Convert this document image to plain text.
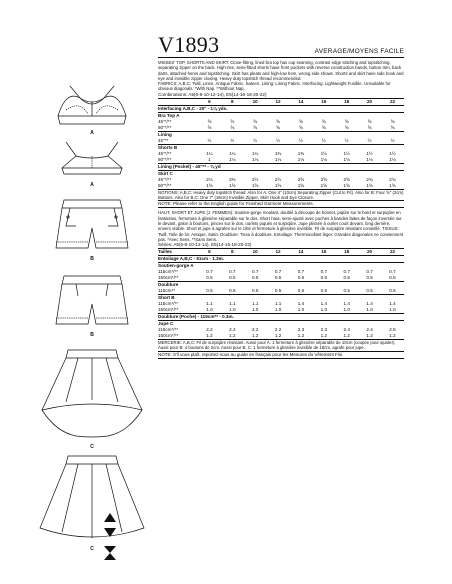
A
A
B
B
C
C
V1893	AVERAGE/MOYENS FACILE

MISSES' TOP, SHORTS AND SKIRT: Close-fitting, lined bra top has cup seaming, contrast edge stitching and topstitching, separating zipper on the back. High-rise, semi-fitted shorts have front pockets with reverse construction bands, button trim, back darts, attached hems and topstitching. Skirt has pleats and high-low hem, wrong side shows. Shorts and skirt have side hook and eye and invisible zipper closing. Heavy duty topstitch thread recommended.

FABRICS: A,B,C: Twill, Linen, Antique Fabric, Sateen. Lining: Lining Fabric. Interfacing: Lightweight Fusible. Unsuitable for obvious diagonals. *With Nap. **Without Nap.

Combinations: A5(6-8-10-12-14), E5(14-16-18-20-22)
	6	8	10	12	14	16	18	20	22
Interfacing A,B,C - 20" - 1⅛ yds.									
Bra Top A									
45"*/**	⅝	⅝	⅝	⅝	⅝	⅝	⅝	⅝	⅝
60"*/**	⅝	⅝	⅝	⅝	⅝	⅝	⅝	⅝	⅝
Lining									
45"**	½	½	½	½	½	½	½	½	½
Shorts B									
45"*/**	1¼	1¼	1¼	1⅜	1⅜	1½	1½	1½	1½
60"*/**	1	1⅛	1⅛	1⅛	1⅛	1⅛	1⅛	1⅛	1⅛
Lining (Pocket) - 45"** - ⅜ yd									
Skirt C									
45"*/**	2⅛	2⅜	2½	2½	2⅝	2⅝	2⅝	2¾	2¾
60"*/**	1⅝	1⅝	1⅝	1⅝	1⅝	1⅝	1⅝	1⅝	1⅝

NOTIONS: A,B,C: Heavy duty topstitch thread. Also for A: One 4" (10cm) Separating Zipper (Cut to Fit). Also for B: Four ⅝" (2cm) Buttons. Also for B,C: One 7" (18cm) Invisible Zipper, Skirt Hook and Eye Closure.

NOTE: Please refer to the English guide for Finished Garment Measurements.

HAUT, SHORT ET JUPE (J. FEMMES): Soutien-gorge moulant, doublé à découpe de bonnet, piqûre sur le bord et surpiqûre en fantaisies, fermeture à glissière séparable sur le dos. Short haut, semi-ajusté avec poches à bandes faites de façon inversée sur le devant, galon à boutons, pinces sur le dos, ourlets piqués et surpiqûre. Jupe plissée à ourlet court devant, long derrière, envers visible. Short et jupe à agrafes sur le côté et fermeture à glissière invisible. Fil de surpiqûre résistant conseillé. TISSUS: Twill, Toile de lin, Antique, Satin. Doublure: Tissu à doublure. Entoilage: Thermocollant léger. Grandes diagonales ne conviennent pas. *Avec Sens. **Sans Sens.

Séries: A5(6-8-10-12-14), E5(14-16-18-20-22)
Tailles	6	8	10	12	14	16	18	20	22
Entoilage A,B,C - 51cm - 1.3m.									
Soutien-gorge A									
115cm*/**	0.7	0.7	0.7	0.7	0.7	0.7	0.7	0.7	0.7
150cm*/**	0.5	0.5	0.5	0.5	0.5	0.5	0.5	0.5	0.5
Doublure									
115cm**	0.5	0.5	0.5	0.5	0.5	0.5	0.5	0.5	0.5
Short B									
115cm*/**	1.1	1.1	1.1	1.1	1.4	1.4	1.4	1.4	1.4
150cm*/**	1.0	1.0	1.0	1.0	1.0	1.0	1.0	1.0	1.0
Doublure (Poche) - 115cm** - 0.3m.									
Jupe C									
115cm*/**	2.2	2.2	2.2	2.2	2.3	2.3	2.4	2.4	2.5
150cm*/**	1.2	1.2	1.2	1.2	1.2	1.2	1.2	1.2	1.2

MERCERIE: A,B,C: Fil de surpiqûre résistant. Aussi pour A: 1 fermeture à glissière séparable de 10cm (coupée pour ajuster). Aussi pour B: 4 boutons de 2cm. Aussi pour B, C: 1 fermeture à glissière invisible de 18cm, agrafe pour jupe.

NOTE: S'il vous plaît, reportez-vous au guide en français pour les Mesures du Vêtement Fini.
